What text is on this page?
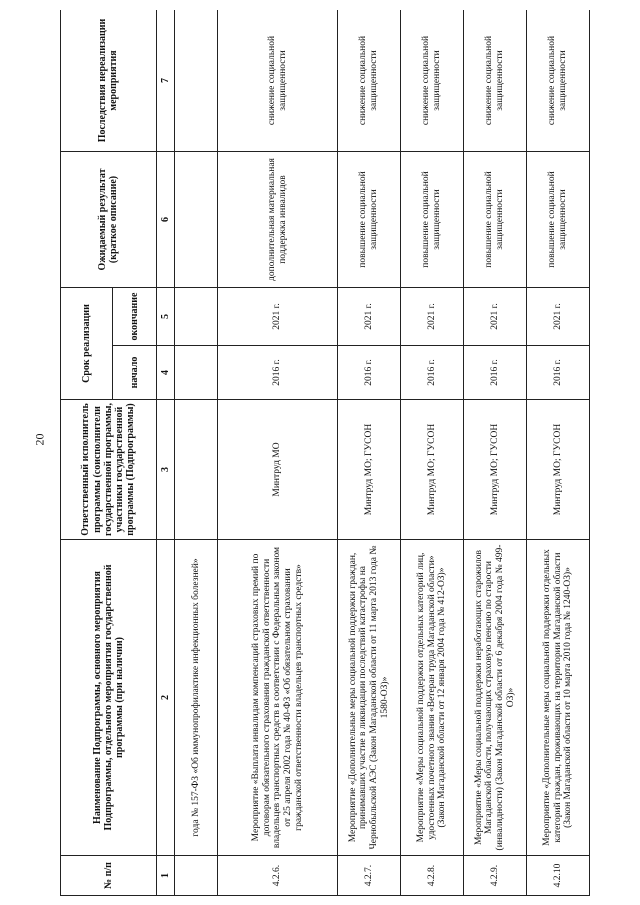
20
№ п/п	Наименование Подпрограммы, основного мероприятия Подпрограммы, отдельного мероприятия государственной программы (при наличии)	Ответственный исполнитель программы (соисполнители государственной программы, участники государственной программы (Подпрограммы)	Срок реализации		Ожидаемый результат (краткое описание)	Последствия нереализации мероприятия
			начало	окончание		
1	2	3	4	5	6	7
	года № 157-ФЗ «Об иммунопрофилактике инфекционных болезней»					
4.2.6.	Мероприятие «Выплата инвалидам компенсаций страховых премий по договорам обязательного страхования гражданской ответственности владельцев транспортных средств в соответствии с Федеральным законом от 25 апреля 2002 года № 40-ФЗ «Об обязательном страховании гражданской ответственности владельцев транспортных средств»	Минтруд МО	2016 г.	2021 г.	дополнительная материальная поддержка инвалидов	снижение социальной защищенности
4.2.7.	Мероприятие «Дополнительные меры социальной поддержки граждан, принимавших участие в ликвидации последствий катастрофы на Чернобыльской АЭС (Закон Магаданской области от 11 марта 2013 года № 1580-ОЗ)»	Минтруд МО; ГУСОН	2016 г.	2021 г.	повышение социальной защищенности	снижение социальной защищенности
4.2.8.	Мероприятие «Меры социальной поддержки отдельных категорий лиц, удостоенных почетного звания «Ветеран труда Магаданской области» (Закон Магаданской области от 12 января 2004 года № 412-ОЗ)»	Минтруд МО; ГУСОН	2016 г.	2021 г.	повышение социальной защищенности	снижение социальной защищенности
4.2.9.	Мероприятие «Меры социальной поддержки неработающих старожилов Магаданской области, получающих страховую пенсию по старости (инвалидности) (Закон Магаданской области от 6 декабря 2004 года № 499-ОЗ)»	Минтруд МО; ГУСОН	2016 г.	2021 г.	повышение социальной защищенности	снижение социальной защищенности
4.2.10	Мероприятие «Дополнительные меры социальной поддержки отдельных категорий граждан, проживающих на территории Магаданской области (Закон Магаданской области от 10 марта 2010 года № 1240-ОЗ)»	Минтруд МО; ГУСОН	2016 г.	2021 г.	повышение социальной защищенности	снижение социальной защищенности
